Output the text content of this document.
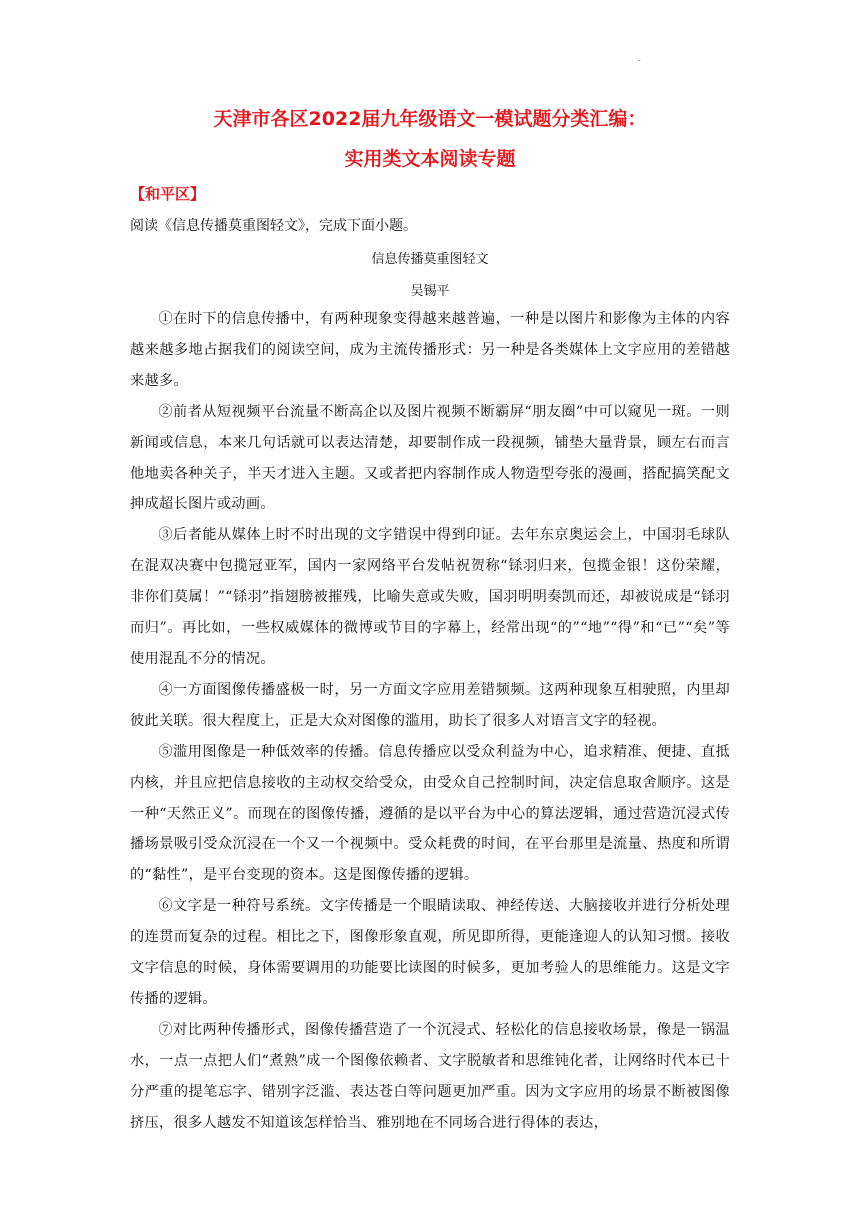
·
天津市各区2022届九年级语文一模试题分类汇编：
实用类文本阅读专题
【和平区】
阅读《信息传播莫重图轻文》，完成下面小题。
信息传播莫重图轻文
吴锡平

①在时下的信息传播中，有两种现象变得越来越普遍，一种是以图片和影像为主体的内容越来越多地占据我们的阅读空间，成为主流传播形式：另一种是各类媒体上文字应用的差错越来越多。

②前者从短视频平台流量不断高企以及图片视频不断霸屏“朋友圈”中可以窥见一斑。一则新闻或信息，本来几句话就可以表达清楚，却要制作成一段视频，铺垫大量背景，顾左右而言他地卖各种关子，半天才进入主题。又或者把内容制作成人物造型夸张的漫画，搭配搞笑配文抻成超长图片或动画。

③后者能从媒体上时不时出现的文字错误中得到印证。去年东京奥运会上，中国羽毛球队在混双决赛中包揽冠亚军，国内一家网络平台发帖祝贺称“铩羽归来，包揽金银！这份荣耀，非你们莫属！”“铩羽”指翅膀被摧残，比喻失意或失败，国羽明明奏凯而还，却被说成是“铩羽而归”。再比如，一些权威媒体的微博或节目的字幕上，经常出现“的”“地”“得”和“已”“矣”等使用混乱不分的情况。

④一方面图像传播盛极一时，另一方面文字应用差错频频。这两种现象互相驶照，内里却彼此关联。很大程度上，正是大众对图像的滥用，助长了很多人对语言文字的轻视。

⑤滥用图像是一种低效率的传播。信息传播应以受众利益为中心，追求精准、便捷、直抵内核，并且应把信息接收的主动权交给受众，由受众自己控制时间，决定信息取舍顺序。这是一种“天然正义”。而现在的图像传播，遵循的是以平台为中心的算法逻辑，通过营造沉浸式传播场景吸引受众沉浸在一个又一个视频中。受众耗费的时间，在平台那里是流量、热度和所谓的“黏性”，是平台变现的资本。这是图像传播的逻辑。

⑥文字是一种符号系统。文字传播是一个眼睛读取、神经传送、大脑接收并进行分析处理的连贯而复杂的过程。相比之下，图像形象直观，所见即所得，更能逢迎人的认知习惯。接收文字信息的时候，身体需要调用的功能要比读图的时候多，更加考验人的思维能力。这是文字传播的逻辑。

⑦对比两种传播形式，图像传播营造了一个沉浸式、轻松化的信息接收场景，像是一锅温水，一点一点把人们“煮熟”成一个图像依赖者、文字脱敏者和思维钝化者，让网络时代本已十分严重的提笔忘字、错别字泛滥、表达苍白等问题更加严重。因为文字应用的场景不断被图像挤压，很多人越发不知道该怎样恰当、雅别地在不同场合进行得体的表达，
